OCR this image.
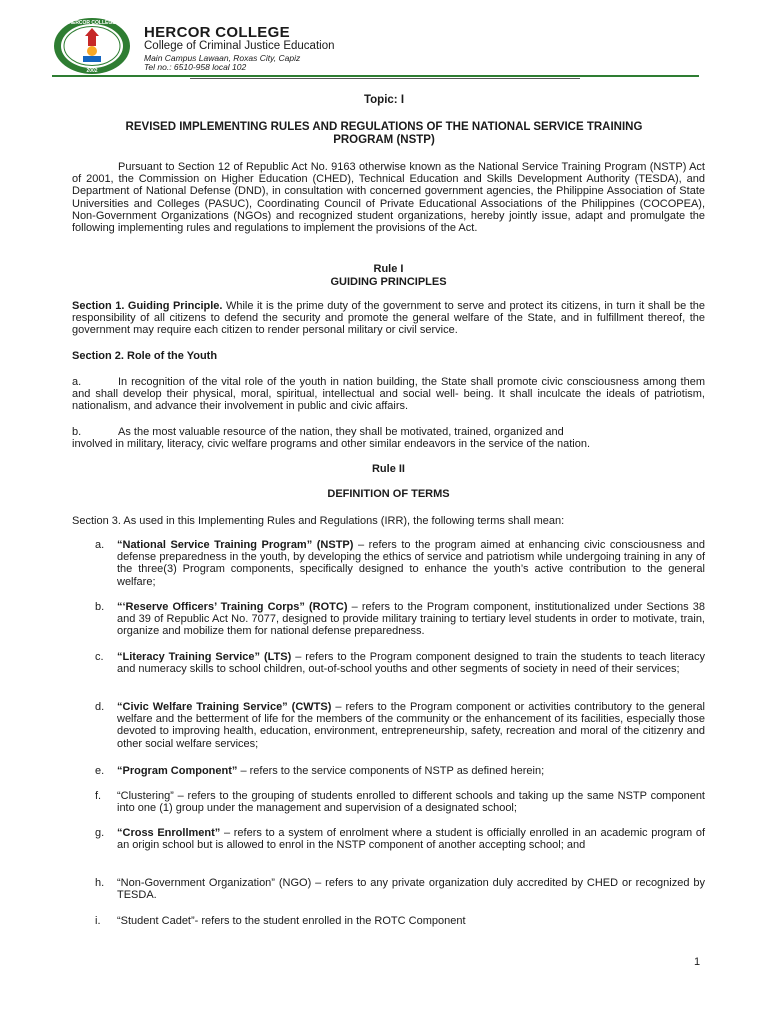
HERCOR COLLEGE
2002
HERCOR COLLEGE
College of Criminal Justice Education
Main Campus Lawaan, Roxas City, Capiz
Tel no.: 6510-958 local 102
Topic: I
REVISED IMPLEMENTING RULES AND REGULATIONS OF THE NATIONAL SERVICE TRAINING PROGRAM (NSTP)
Pursuant to Section 12 of Republic Act No. 9163 otherwise known as the National Service Training Program (NSTP) Act of 2001, the Commission on Higher Education (CHED), Technical Education and Skills Development Authority (TESDA), and Department of National Defense (DND), in consultation with concerned government agencies, the Philippine Association of State Universities and Colleges (PASUC), Coordinating Council of Private Educational Associations of the Philippines (COCOPEA), Non-Government Organizations (NGOs) and recognized student organizations, hereby jointly issue, adapt and promulgate the following implementing rules and regulations to implement the provisions of the Act.
Rule I
GUIDING PRINCIPLES
Section 1. Guiding Principle. While it is the prime duty of the government to serve and protect its citizens, in turn it shall be the responsibility of all citizens to defend the security and promote the general welfare of the State, and in fulfillment thereof, the government may require each citizen to render personal military or civil service.
Section 2. Role of the Youth
a.	In recognition of the vital role of the youth in nation building, the State shall promote civic consciousness among them and shall develop their physical, moral, spiritual, intellectual and social well- being. It shall inculcate the ideals of patriotism, nationalism, and advance their involvement in public and civic affairs.
b.	As the most valuable resource of the nation, they shall be motivated, trained, organized and
involved in military, literacy, civic welfare programs and other similar endeavors in the service of the nation.
Rule II
DEFINITION OF TERMS
Section 3. As used in this Implementing Rules and Regulations (IRR), the following terms shall mean:
a. “National Service Training Program” (NSTP) – refers to the program aimed at enhancing civic consciousness and defense preparedness in the youth, by developing the ethics of service and patriotism while undergoing training in any of the three(3) Program components, specifically designed to enhance the youth’s active contribution to the general welfare;
b. “‘Reserve Officers’ Training Corps” (ROTC) – refers to the Program component, institutionalized under Sections 38 and 39 of Republic Act No. 7077, designed to provide military training to tertiary level students in order to motivate, train, organize and mobilize them for national defense preparedness.
c. “Literacy Training Service” (LTS) – refers to the Program component designed to train the students to teach literacy and numeracy skills to school children, out-of-school youths and other segments of society in need of their services;
d. “Civic Welfare Training Service” (CWTS) – refers to the Program component or activities contributory to the general welfare and the betterment of life for the members of the community or the enhancement of its facilities, especially those devoted to improving health, education, environment, entrepreneurship, safety, recreation and moral of the citizenry and other social welfare services;
e. “Program Component” – refers to the service components of NSTP as defined herein;
f. “Clustering” – refers to the grouping of students enrolled to different schools and taking up the same NSTP component into one (1) group under the management and supervision of a designated school;
g. “Cross Enrollment” – refers to a system of enrolment where a student is officially enrolled in an academic program of an origin school but is allowed to enrol in the NSTP component of another accepting school; and
h. “Non-Government Organization” (NGO) – refers to any private organization duly accredited by CHED or recognized by TESDA.
i. “Student Cadet”- refers to the student enrolled in the ROTC Component
1
